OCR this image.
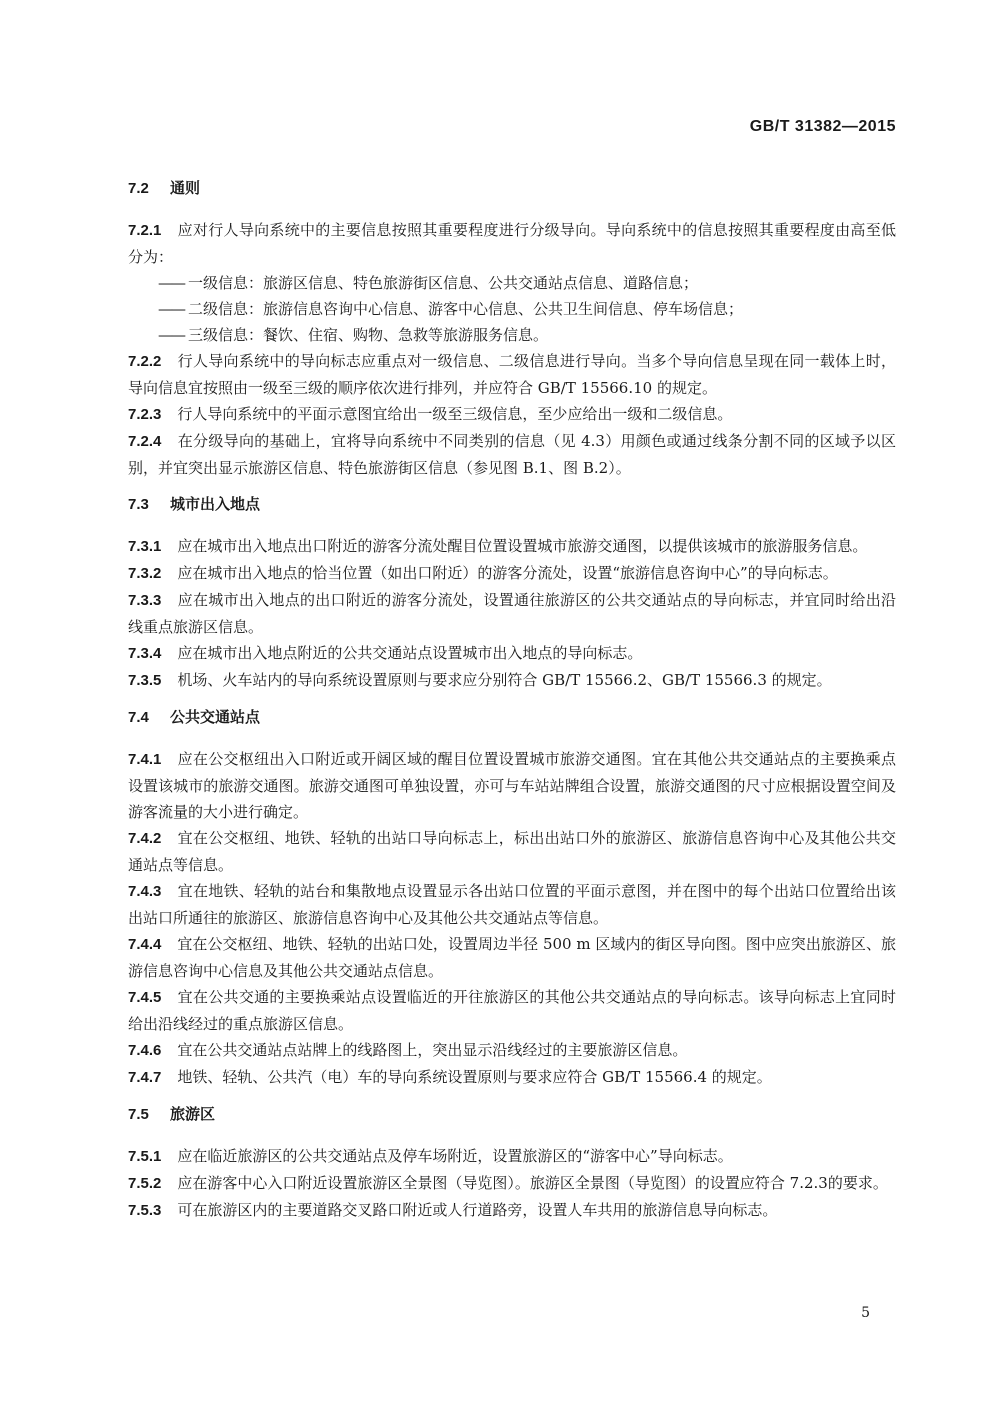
GB/T 31382—2015
7.2 通则

7.2.1 应对行人导向系统中的主要信息按照其重要程度进行分级导向。导向系统中的信息按照其重要程度由高至低分为：

—— 一级信息：旅游区信息、特色旅游街区信息、公共交通站点信息、道路信息；

—— 二级信息：旅游信息咨询中心信息、游客中心信息、公共卫生间信息、停车场信息；

—— 三级信息：餐饮、住宿、购物、急救等旅游服务信息。

7.2.2 行人导向系统中的导向标志应重点对一级信息、二级信息进行导向。当多个导向信息呈现在同一载体上时，导向信息宜按照由一级至三级的顺序依次进行排列，并应符合 GB/T 15566.10 的规定。

7.2.3 行人导向系统中的平面示意图宜给出一级至三级信息，至少应给出一级和二级信息。

7.2.4 在分级导向的基础上，宜将导向系统中不同类别的信息（见 4.3）用颜色或通过线条分割不同的区域予以区别，并宜突出显示旅游区信息、特色旅游街区信息（参见图 B.1、图 B.2）。

7.3 城市出入地点

7.3.1 应在城市出入地点出口附近的游客分流处醒目位置设置城市旅游交通图，以提供该城市的旅游服务信息。

7.3.2 应在城市出入地点的恰当位置（如出口附近）的游客分流处，设置“旅游信息咨询中心”的导向标志。

7.3.3 应在城市出入地点的出口附近的游客分流处，设置通往旅游区的公共交通站点的导向标志，并宜同时给出沿线重点旅游区信息。

7.3.4 应在城市出入地点附近的公共交通站点设置城市出入地点的导向标志。

7.3.5 机场、火车站内的导向系统设置原则与要求应分别符合 GB/T 15566.2、GB/T 15566.3 的规定。

7.4 公共交通站点

7.4.1 应在公交枢纽出入口附近或开阔区域的醒目位置设置城市旅游交通图。宜在其他公共交通站点的主要换乘点设置该城市的旅游交通图。旅游交通图可单独设置，亦可与车站站牌组合设置，旅游交通图的尺寸应根据设置空间及游客流量的大小进行确定。

7.4.2 宜在公交枢纽、地铁、轻轨的出站口导向标志上，标出出站口外的旅游区、旅游信息咨询中心及其他公共交通站点等信息。

7.4.3 宜在地铁、轻轨的站台和集散地点设置显示各出站口位置的平面示意图，并在图中的每个出站口位置给出该出站口所通往的旅游区、旅游信息咨询中心及其他公共交通站点等信息。

7.4.4 宜在公交枢纽、地铁、轻轨的出站口处，设置周边半径 500 m 区域内的街区导向图。图中应突出旅游区、旅游信息咨询中心信息及其他公共交通站点信息。

7.4.5 宜在公共交通的主要换乘站点设置临近的开往旅游区的其他公共交通站点的导向标志。该导向标志上宜同时给出沿线经过的重点旅游区信息。

7.4.6 宜在公共交通站点站牌上的线路图上，突出显示沿线经过的主要旅游区信息。

7.4.7 地铁、轻轨、公共汽（电）车的导向系统设置原则与要求应符合 GB/T 15566.4 的规定。

7.5 旅游区

7.5.1 应在临近旅游区的公共交通站点及停车场附近，设置旅游区的“游客中心”导向标志。

7.5.2 应在游客中心入口附近设置旅游区全景图（导览图）。旅游区全景图（导览图）的设置应符合 7.2.3的要求。

7.5.3 可在旅游区内的主要道路交叉路口附近或人行道路旁，设置人车共用的旅游信息导向标志。

5
